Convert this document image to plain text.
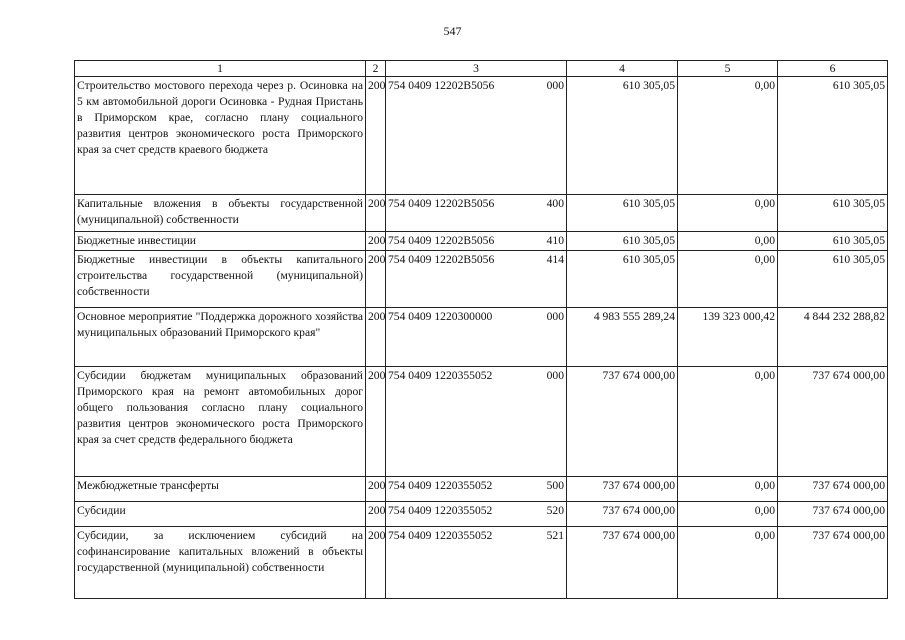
547
1	2	3	4	5	6
Строительство мостового перехода через р. Осиновка на 5 км автомобильной дороги Осиновка - Рудная Пристань в Приморском крае, согласно плану социального развития центров экономического роста Приморского края за счет средств краевого бюджета	200	754 0409 12202B5056 000	610 305,05	0,00	610 305,05
Капитальные вложения в объекты государственной (муниципальной) собственности	200	754 0409 12202B5056 400	610 305,05	0,00	610 305,05
Бюджетные инвестиции	200	754 0409 12202B5056 410	610 305,05	0,00	610 305,05
Бюджетные инвестиции в объекты капитального строительства государственной (муниципальной) собственности	200	754 0409 12202B5056 414	610 305,05	0,00	610 305,05
Основное мероприятие "Поддержка дорожного хозяйства муниципальных образований Приморского края"	200	754 0409 1220300000 000	4 983 555 289,24	139 323 000,42	4 844 232 288,82
Субсидии бюджетам муниципальных образований Приморского края на ремонт автомобильных дорог общего пользования согласно плану социального развития центров экономического роста Приморского края за счет средств федерального бюджета	200	754 0409 1220355052 000	737 674 000,00	0,00	737 674 000,00
Межбюджетные трансферты	200	754 0409 1220355052 500	737 674 000,00	0,00	737 674 000,00
Субсидии	200	754 0409 1220355052 520	737 674 000,00	0,00	737 674 000,00
Субсидии, за исключением субсидий на софинансирование капитальных вложений в объекты государственной (муниципальной) собственности	200	754 0409 1220355052 521	737 674 000,00	0,00	737 674 000,00
